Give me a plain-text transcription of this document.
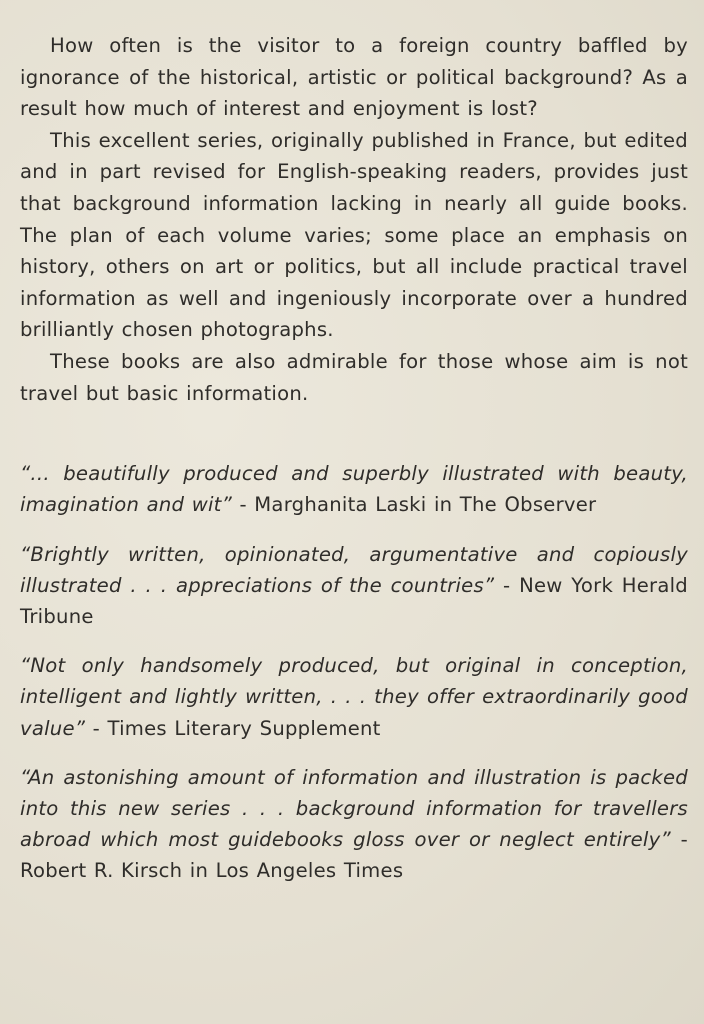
How often is the visitor to a foreign country baffled by ignorance of the historical, artistic or political background? As a result how much of interest and enjoyment is lost?

This excellent series, originally published in France, but edited and in part revised for English-speaking readers, provides just that background information lacking in nearly all guide books. The plan of each volume varies; some place an emphasis on history, others on art or politics, but all include practical travel information as well and ingeniously incorporate over a hundred brilliantly chosen photographs.

These books are also admirable for those whose aim is not travel but basic information.

“... beautifully produced and superbly illustrated with beauty, imagination and wit” - Marghanita Laski in The Observer

“Brightly written, opinionated, argumentative and copiously illustrated . . . appreciations of the countries” - New York Herald Tribune

“Not only handsomely produced, but original in conception, intelligent and lightly written, . . . they offer extraordinarily good value” - Times Literary Supplement

“An astonishing amount of information and illustration is packed into this new series . . . background information for travellers abroad which most guidebooks gloss over or neglect entirely” - Robert R. Kirsch in Los Angeles Times
